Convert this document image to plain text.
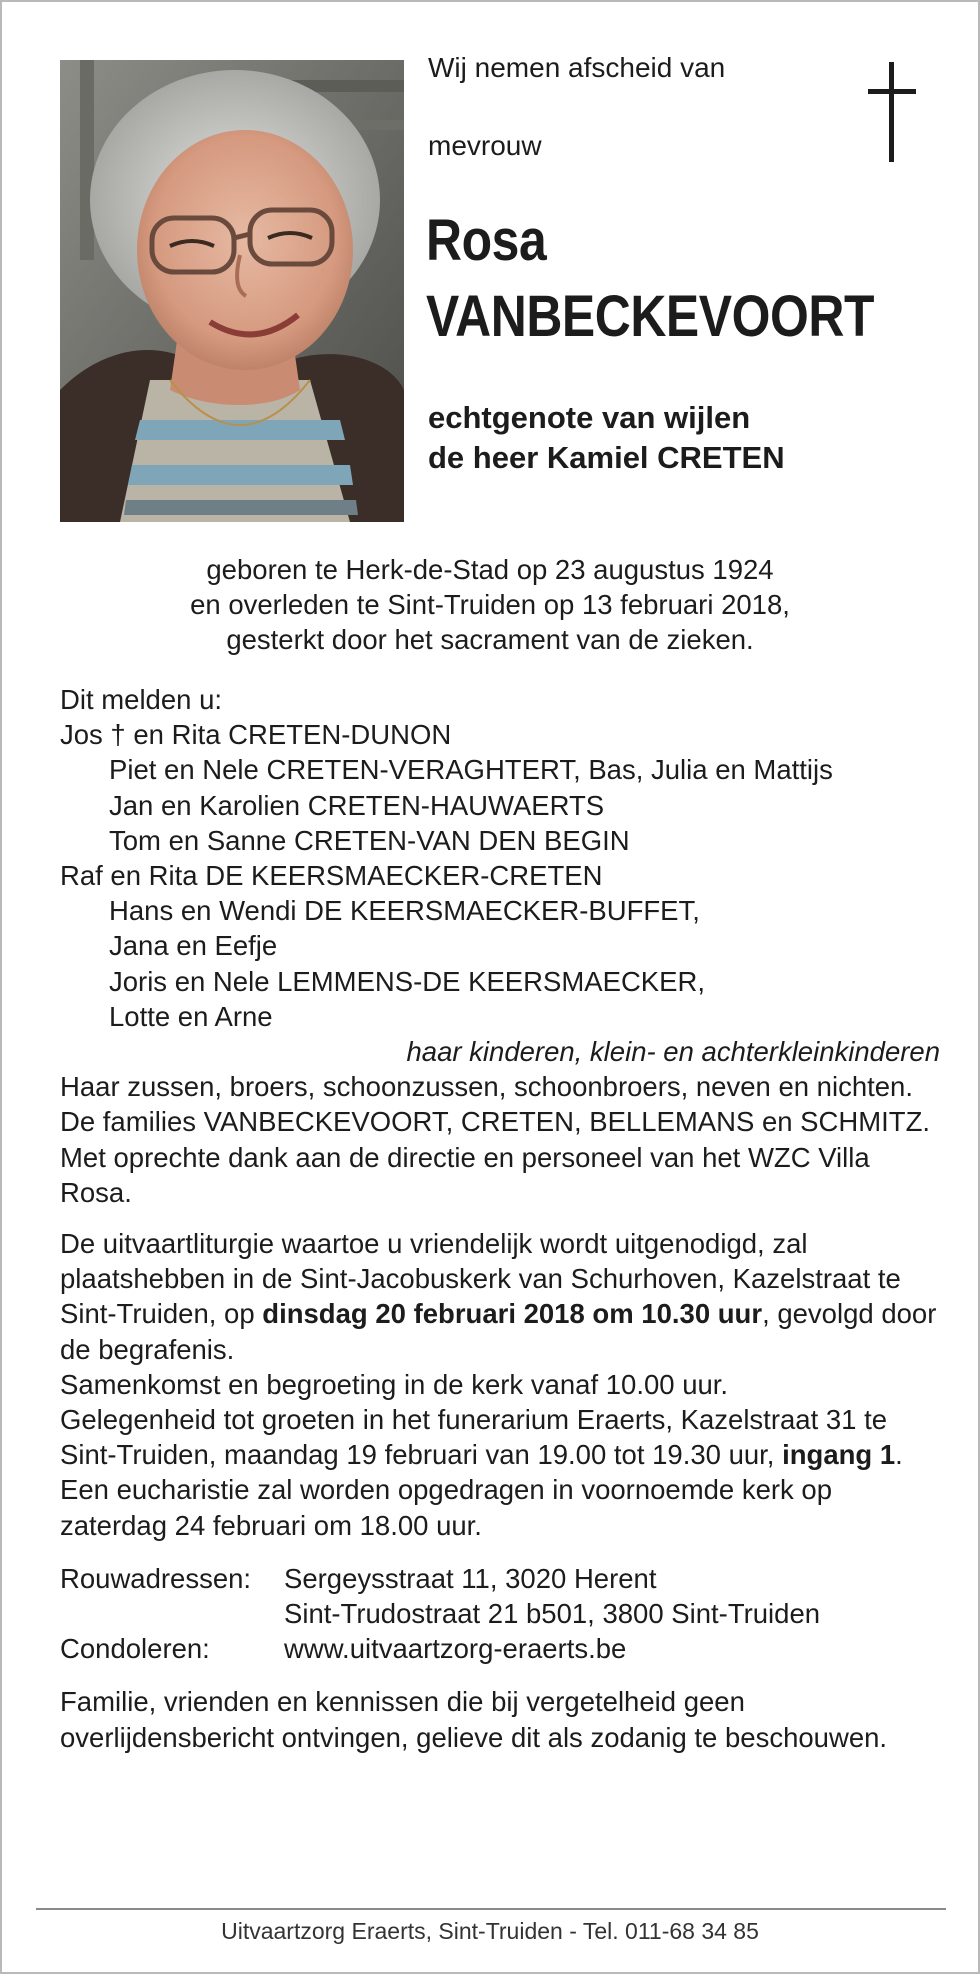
Wij nemen afscheid van
mevrouw
Rosa
VANBECKEVOORT
echtgenote van wijlen
de heer Kamiel CRETEN
geboren te Herk-de-Stad op 23 augustus 1924
en overleden te Sint-Truiden op 13 februari 2018,
gesterkt door het sacrament van de zieken.

Dit melden u:

Jos † en Rita CRETEN-DUNON

Piet en Nele CRETEN-VERAGHTERT, Bas, Julia en Mattijs

Jan en Karolien CRETEN-HAUWAERTS

Tom en Sanne CRETEN-VAN DEN BEGIN

Raf en Rita DE KEERSMAECKER-CRETEN

Hans en Wendi DE KEERSMAECKER-BUFFET,

Jana en Eefje

Joris en Nele LEMMENS-DE KEERSMAECKER,

Lotte en Arne

haar kinderen, klein- en achterkleinkinderen

Haar zussen, broers, schoonzussen, schoonbroers, neven en nichten.

De families VANBECKEVOORT, CRETEN, BELLEMANS en SCHMITZ.

Met oprechte dank aan de directie en personeel van het WZC Villa Rosa.

De uitvaartliturgie waartoe u vriendelijk wordt uitgenodigd, zal plaatshebben in de Sint-Jacobuskerk van Schurhoven, Kazelstraat te Sint-Truiden, op dinsdag 20 februari 2018 om 10.30 uur, gevolgd door de begrafenis.

Samenkomst en begroeting in de kerk vanaf 10.00 uur.

Gelegenheid tot groeten in het funerarium Eraerts, Kazelstraat 31 te Sint-Truiden, maandag 19 februari van 19.00 tot 19.30 uur, ingang 1.

Een eucharistie zal worden opgedragen in voornoemde kerk op zaterdag 24 februari om 18.00 uur.

Rouwadressen:	Sergeysstraat 11, 3020 Herent
Sint-Trudostraat 21 b501, 3800 Sint-Truiden
Condoleren:	www.uitvaartzorg-eraerts.be

Familie, vrienden en kennissen die bij vergetelheid geen overlijdensbericht ontvingen, gelieve dit als zodanig te beschouwen.

Uitvaartzorg Eraerts, Sint-Truiden - Tel. 011-68 34 85
